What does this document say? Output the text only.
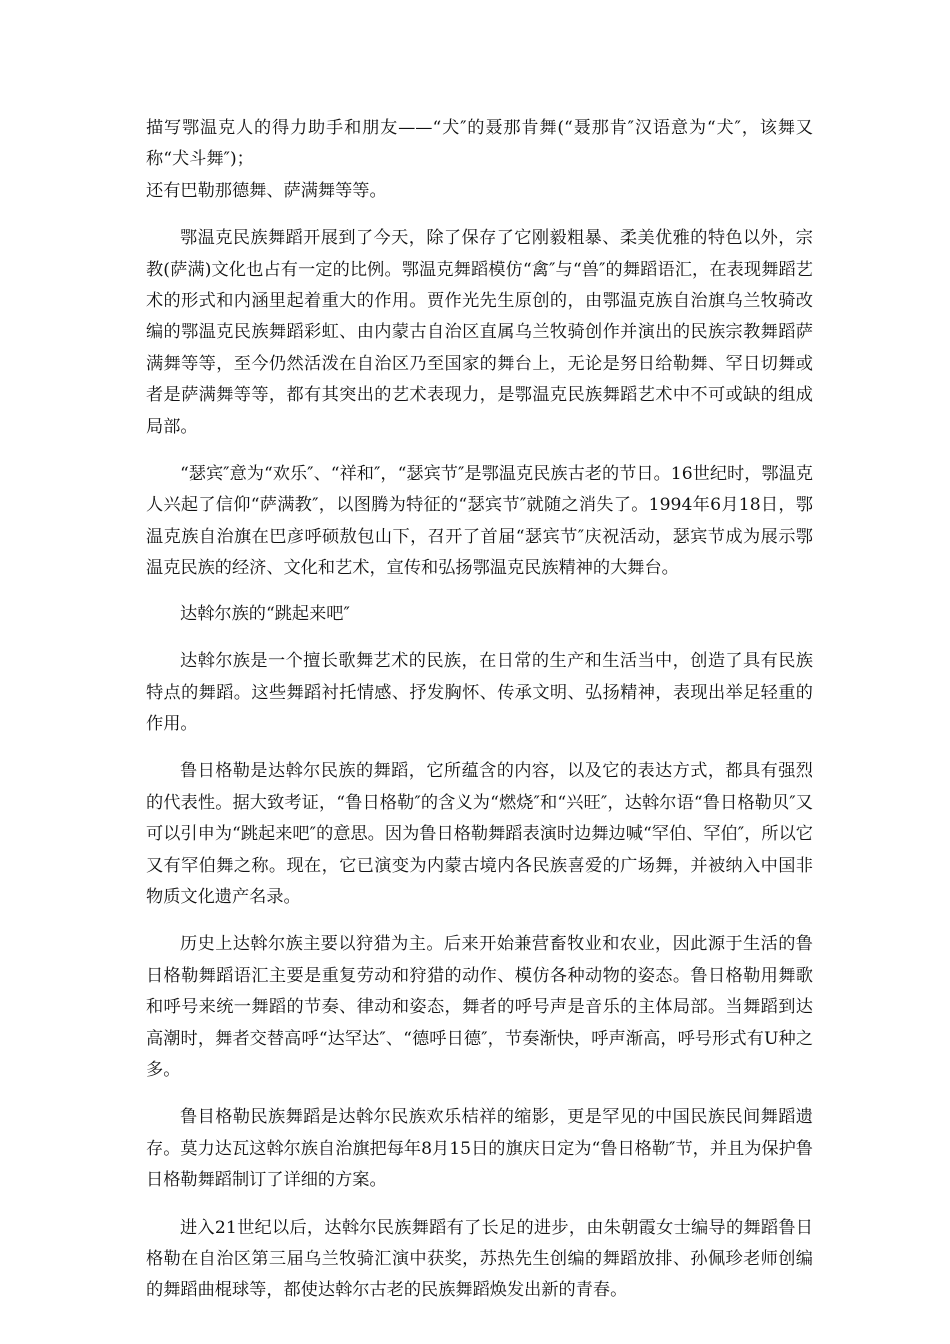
描写鄂温克人的得力助手和朋友——“犬″的聂那肯舞(“聂那肯″汉语意为“犬″，该舞又称“犬斗舞″)；

还有巴勒那德舞、萨满舞等等。

鄂温克民族舞蹈开展到了今天，除了保存了它刚毅粗暴、柔美优雅的特色以外，宗教(萨满)文化也占有一定的比例。鄂温克舞蹈模仿“禽″与“兽″的舞蹈语汇，在表现舞蹈艺术的形式和内涵里起着重大的作用。贾作光先生原创的，由鄂温克族自治旗乌兰牧骑改编的鄂温克民族舞蹈彩虹、由内蒙古自治区直属乌兰牧骑创作并演出的民族宗教舞蹈萨满舞等等，至今仍然活泼在自治区乃至国家的舞台上，无论是努日给勒舞、罕日切舞或者是萨满舞等等，都有其突出的艺术表现力，是鄂温克民族舞蹈艺术中不可或缺的组成局部。

“瑟宾″意为“欢乐″、“祥和″，“瑟宾节″是鄂温克民族古老的节日。16世纪时，鄂温克人兴起了信仰“萨满教″，以图腾为特征的“瑟宾节″就随之消失了。1994年6月18日，鄂温克族自治旗在巴彦呼硕敖包山下，召开了首届“瑟宾节″庆祝活动，瑟宾节成为展示鄂温克民族的经济、文化和艺术，宣传和弘扬鄂温克民族精神的大舞台。

达斡尔族的“跳起来吧″

达斡尔族是一个擅长歌舞艺术的民族，在日常的生产和生活当中，创造了具有民族特点的舞蹈。这些舞蹈衬托情感、抒发胸怀、传承文明、弘扬精神，表现出举足轻重的作用。

鲁日格勒是达斡尔民族的舞蹈，它所蕴含的内容，以及它的表达方式，都具有强烈的代表性。据大致考证，“鲁日格勒″的含义为“燃烧″和“兴旺″，达斡尔语“鲁日格勒贝″又可以引申为“跳起来吧″的意思。因为鲁日格勒舞蹈表演时边舞边喊“罕伯、罕伯″，所以它又有罕伯舞之称。现在，它已演变为内蒙古境内各民族喜爱的广场舞，并被纳入中国非物质文化遗产名录。

历史上达斡尔族主要以狩猎为主。后来开始兼营畜牧业和农业，因此源于生活的鲁日格勒舞蹈语汇主要是重复劳动和狩猎的动作、模仿各种动物的姿态。鲁日格勒用舞歌和呼号来统一舞蹈的节奏、律动和姿态，舞者的呼号声是音乐的主体局部。当舞蹈到达高潮时，舞者交替高呼“达罕达″、“德呼日德″，节奏渐快，呼声渐高，呼号形式有U种之多。

鲁目格勒民族舞蹈是达斡尔民族欢乐桔祥的缩影，更是罕见的中国民族民间舞蹈遗存。莫力达瓦这斡尔族自治旗把每年8月15日的旗庆日定为“鲁日格勒″节，并且为保护鲁日格勒舞蹈制订了详细的方案。

进入21世纪以后，达斡尔民族舞蹈有了长足的进步，由朱朝霞女士编导的舞蹈鲁日格勒在自治区第三届乌兰牧骑汇演中获奖，苏热先生创编的舞蹈放排、孙佩珍老师创编的舞蹈曲棍球等，都使达斡尔古老的民族舞蹈焕发出新的青春。
